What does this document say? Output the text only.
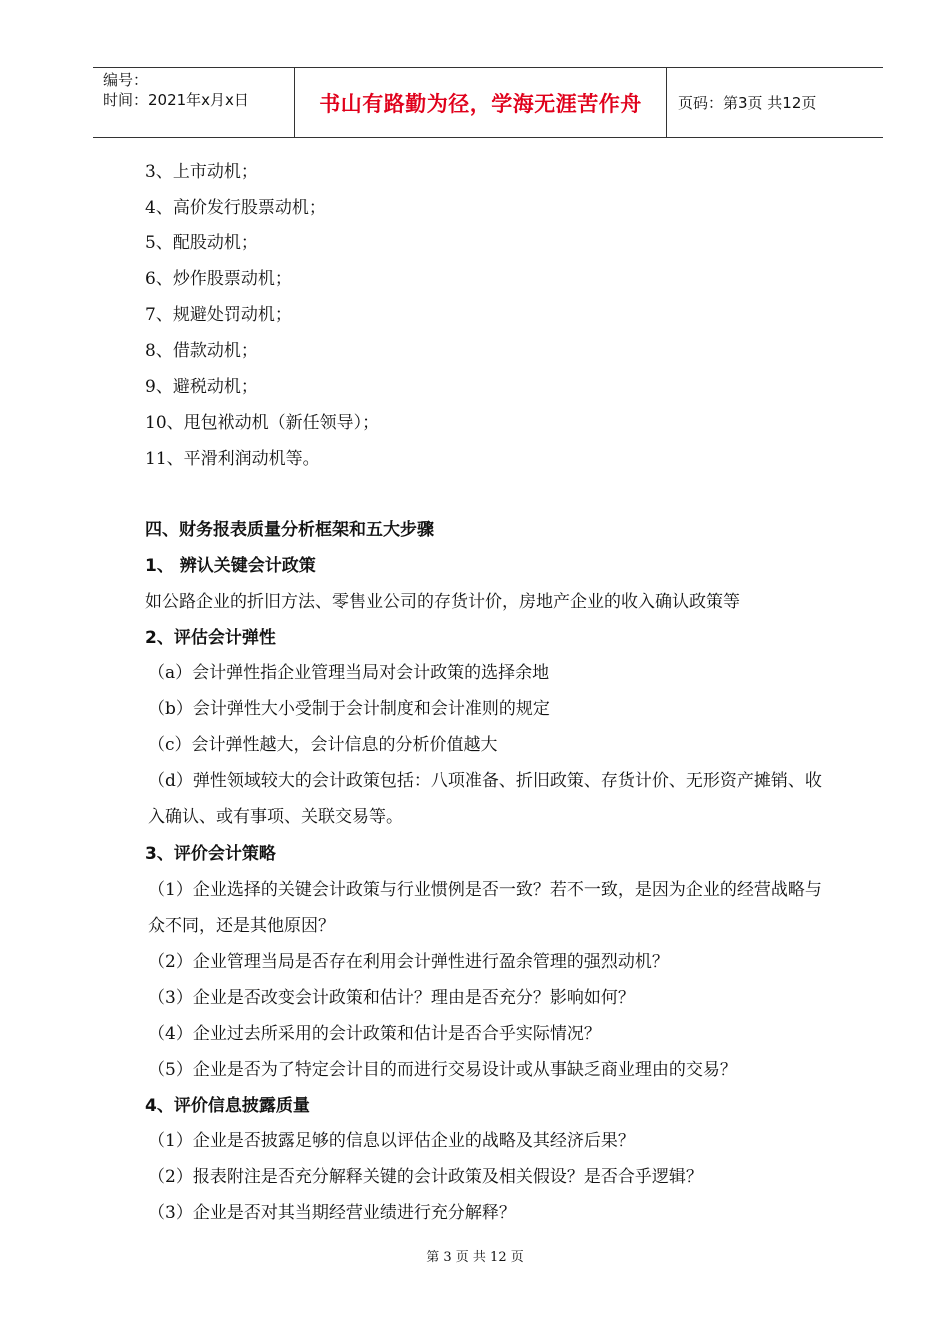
编号：
时间：2021年x月x日	书山有路勤为径，学海无涯苦作舟	页码：第3页 共12页
3、上市动机；
4、高价发行股票动机；
5、配股动机；
6、炒作股票动机；
7、规避处罚动机；
8、借款动机；
9、避税动机；
10、甩包袱动机（新任领导）；
11、平滑利润动机等。
四、财务报表质量分析框架和五大步骤
1、 辨认关键会计政策
如公路企业的折旧方法、零售业公司的存货计价，房地产企业的收入确认政策等
2、评估会计弹性
（a）会计弹性指企业管理当局对会计政策的选择余地
（b）会计弹性大小受制于会计制度和会计准则的规定
（c）会计弹性越大，会计信息的分析价值越大
（d）弹性领域较大的会计政策包括：八项准备、折旧政策、存货计价、无形资产摊销、收入确认、或有事项、关联交易等。
3、评价会计策略
（1）企业选择的关键会计政策与行业惯例是否一致？若不一致，是因为企业的经营战略与众不同，还是其他原因？
（2）企业管理当局是否存在利用会计弹性进行盈余管理的强烈动机？
（3）企业是否改变会计政策和估计？理由是否充分？影响如何？
（4）企业过去所采用的会计政策和估计是否合乎实际情况？
（5）企业是否为了特定会计目的而进行交易设计或从事缺乏商业理由的交易？
4、评价信息披露质量
（1）企业是否披露足够的信息以评估企业的战略及其经济后果？
（2）报表附注是否充分解释关键的会计政策及相关假设？是否合乎逻辑？
（3）企业是否对其当期经营业绩进行充分解释？
第 3 页 共 12 页
